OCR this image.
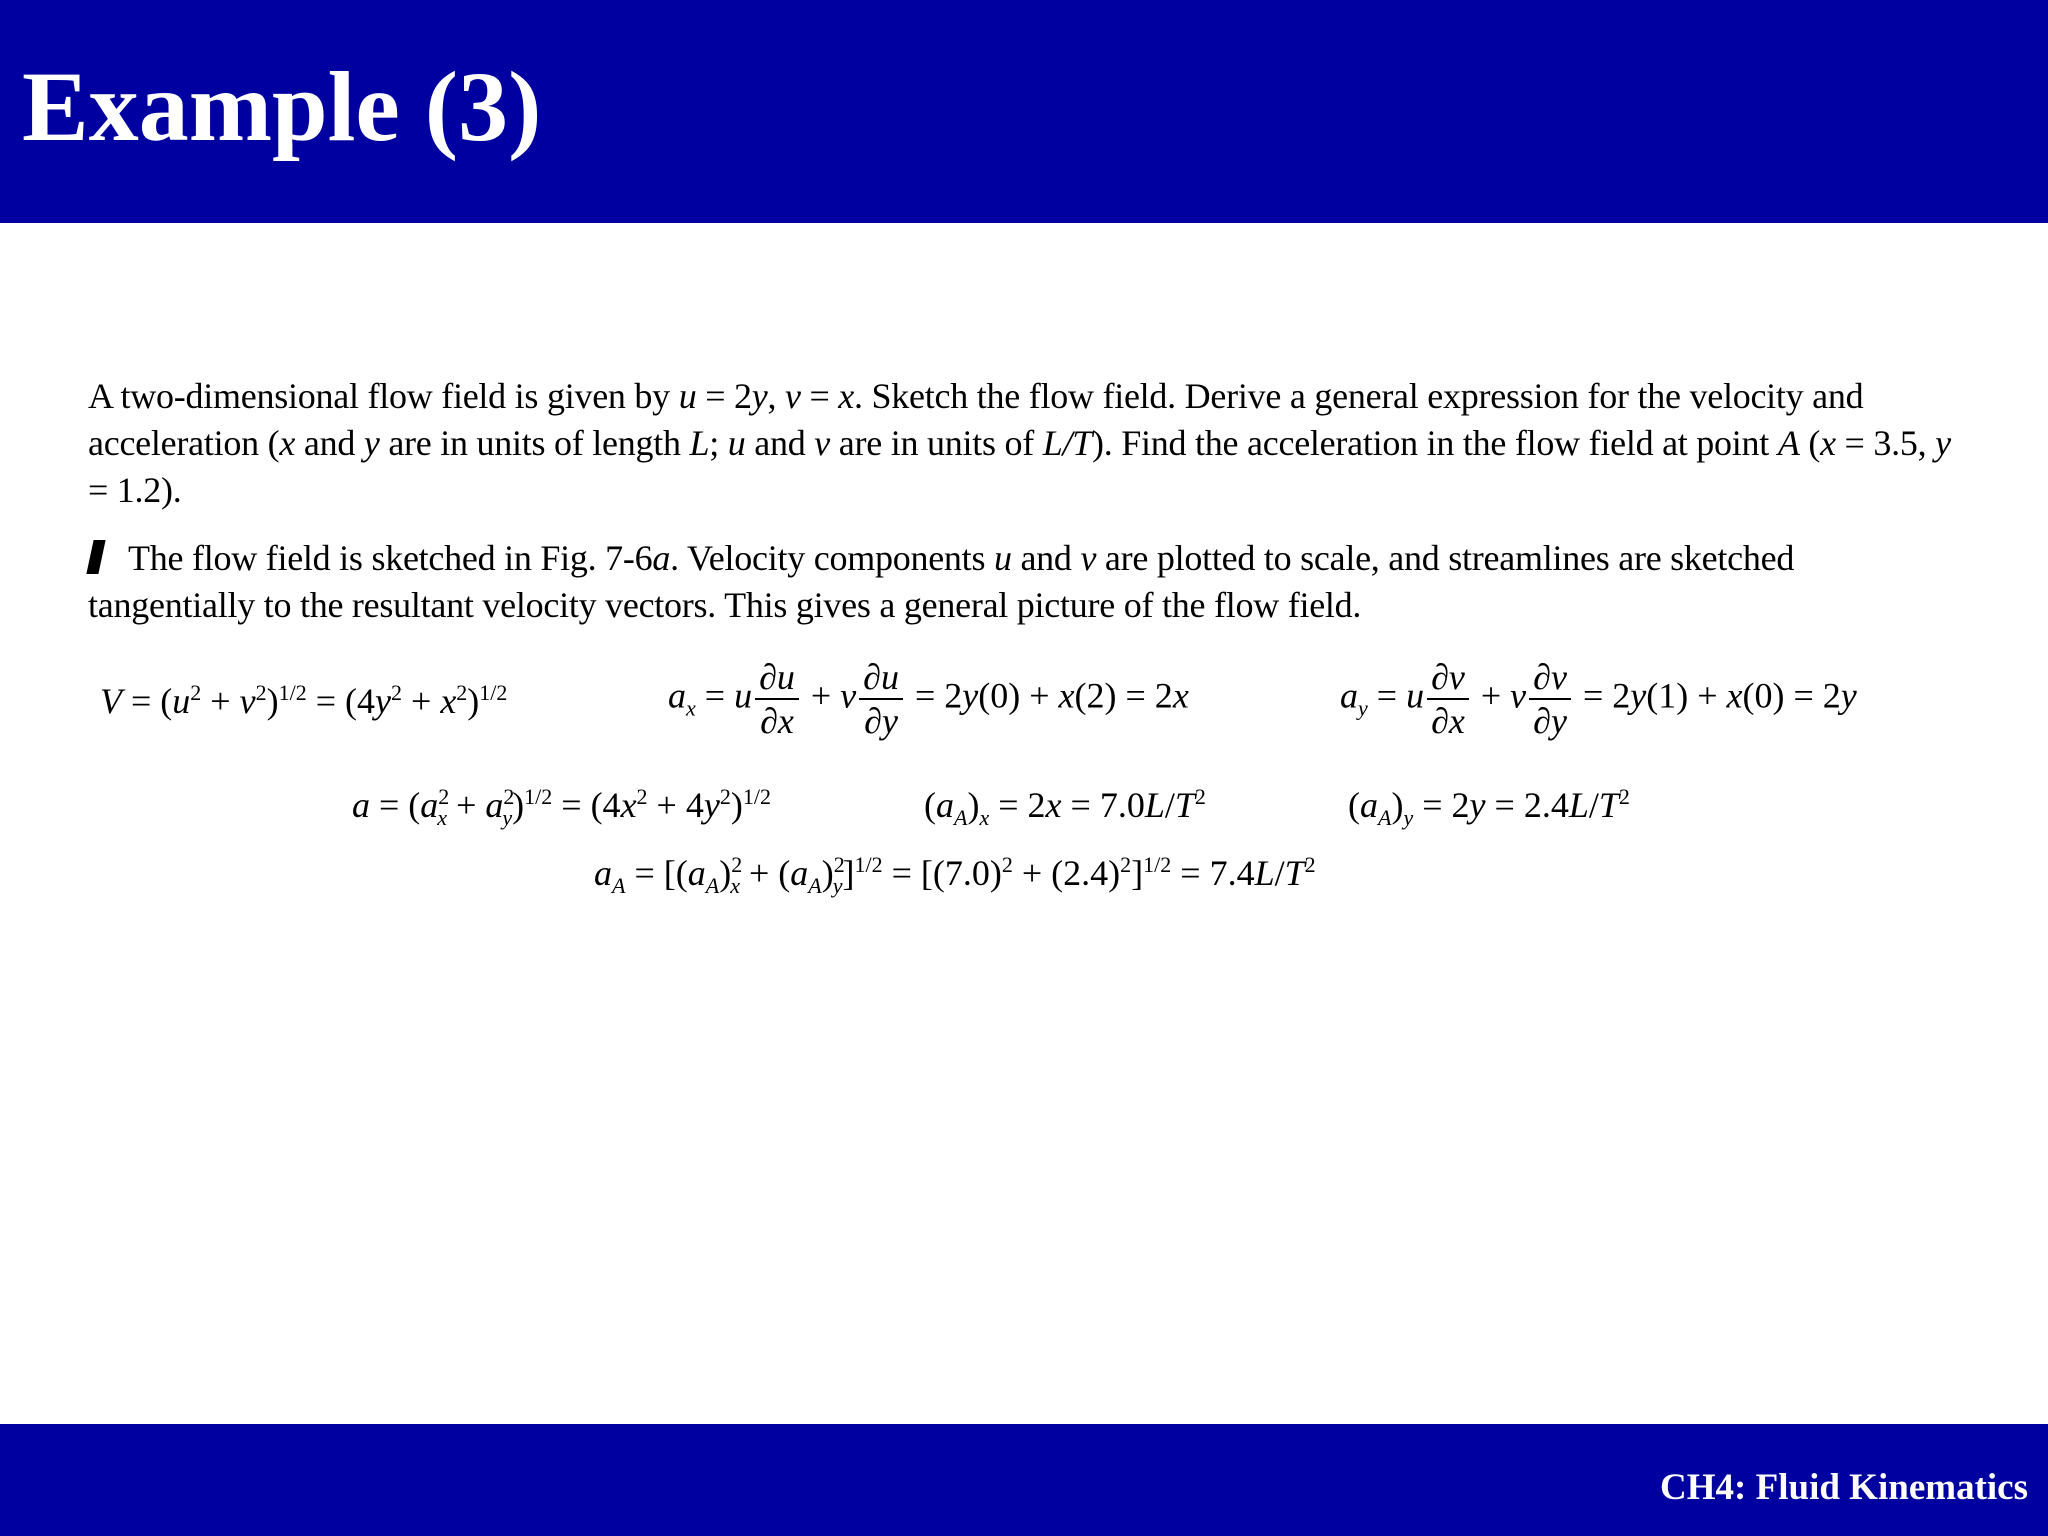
Example (3)

A two-dimensional flow field is given by u = 2y, v = x. Sketch the flow field. Derive a general expression for the velocity and acceleration (x and y are in units of length L; u and v are in units of L/T). Find the acceleration in the flow field at point A (x = 3.5, y = 1.2).

The flow field is sketched in Fig. 7-6a. Velocity components u and v are plotted to scale, and streamlines are sketched tangentially to the resultant velocity vectors. This gives a general picture of the flow field.

$V = (u^2 + v^2)^{1/2} = (4y^2 + x^2)^{1/2}$	$a_x = u \frac{\partial u}{\partial x} + v \frac{\partial u}{\partial y} = 2y(0) + x(2) = 2x$	$a_y = u \frac{\partial v}{\partial x} + v \frac{\partial v}{\partial y} = 2y(1) + x(0) = 2y$
$a = (a^2_x + a^2_y)^{1/2} = (4x^2 + 4y^2)^{1/2}$	$(a_A)_x = 2x = 7.0L/T^2$	$(a_A)_y = 2y = 2.4L/T^2$
$a_A = [(a_A)^2_x + (a_A)^2_y]^{1/2} = [(7.0)^2 + (2.4)^2]^{1/2} = 7.4L/T^2$
CH4: Fluid Kinematics
